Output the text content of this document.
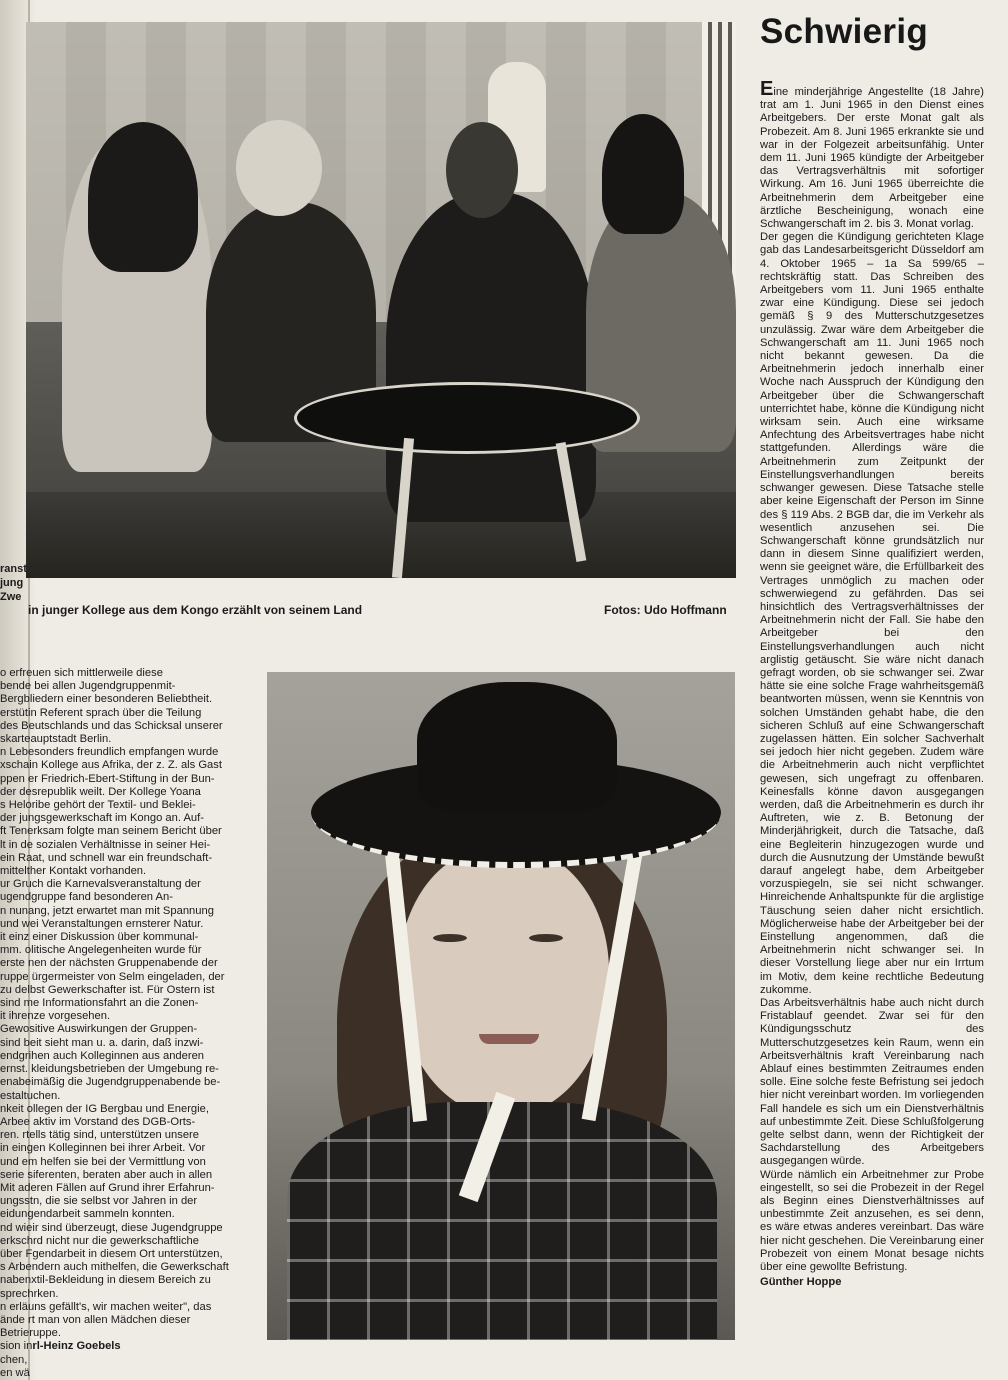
ranst
jung
Zwe
in junger Kollege aus dem Kongo erzählt von seinem Land	Fotos: Udo Hoffmann
Schwierig

Eine minderjährige Angestellte (18 Jahre) trat am 1. Juni 1965 in den Dienst eines Arbeitgebers. Der erste Monat galt als Probezeit. Am 8. Juni 1965 erkrankte sie und war in der Folgezeit arbeitsunfähig. Unter dem 11. Juni 1965 kündigte der Arbeitgeber das Vertragsverhältnis mit sofortiger Wirkung. Am 16. Juni 1965 überreichte die Arbeitnehmerin dem Arbeitgeber eine ärztliche Bescheinigung, wonach eine Schwangerschaft im 2. bis 3. Monat vorlag.

Der gegen die Kündigung gerichteten Klage gab das Landesarbeitsgericht Düsseldorf am 4. Oktober 1965 – 1a Sa 599/65 – rechtskräftig statt. Das Schreiben des Arbeitgebers vom 11. Juni 1965 enthalte zwar eine Kündigung. Diese sei jedoch gemäß § 9 des Mutterschutzgesetzes unzulässig. Zwar wäre dem Arbeitgeber die Schwangerschaft am 11. Juni 1965 noch nicht bekannt gewesen. Da die Arbeitnehmerin jedoch innerhalb einer Woche nach Ausspruch der Kündigung den Arbeitgeber über die Schwangerschaft unterrichtet habe, könne die Kündigung nicht wirksam sein. Auch eine wirksame Anfechtung des Arbeitsvertrages habe nicht stattgefunden. Allerdings wäre die Arbeitnehmerin zum Zeitpunkt der Einstellungsverhandlungen bereits schwanger gewesen. Diese Tatsache stelle aber keine Eigenschaft der Person im Sinne des § 119 Abs. 2 BGB dar, die im Verkehr als wesentlich anzusehen sei. Die Schwangerschaft könne grundsätzlich nur dann in diesem Sinne qualifiziert werden, wenn sie geeignet wäre, die Erfüllbarkeit des Vertrages unmöglich zu machen oder schwerwiegend zu gefährden. Das sei hinsichtlich des Vertragsverhältnisses der Arbeitnehmerin nicht der Fall. Sie habe den Arbeitgeber bei den Einstellungsverhandlungen auch nicht arglistig getäuscht. Sie wäre nicht danach gefragt worden, ob sie schwanger sei. Zwar hätte sie eine solche Frage wahrheitsgemäß beantworten müssen, wenn sie Kenntnis von solchen Umständen gehabt habe, die den sicheren Schluß auf eine Schwangerschaft zugelassen hätten. Ein solcher Sachverhalt sei jedoch hier nicht gegeben. Zudem wäre die Arbeitnehmerin auch nicht verpflichtet gewesen, sich ungefragt zu offenbaren. Keinesfalls könne davon ausgegangen werden, daß die Arbeitnehmerin es durch ihr Auftreten, wie z. B. Betonung der Minderjährigkeit, durch die Tatsache, daß eine Begleiterin hinzugezogen wurde und durch die Ausnutzung der Umstände bewußt darauf angelegt habe, dem Arbeitgeber vorzuspiegeln, sie sei nicht schwanger. Hinreichende Anhaltspunkte für die arglistige Täuschung seien daher nicht ersichtlich. Möglicherweise habe der Arbeitgeber bei der Einstellung angenommen, daß die Arbeitnehmerin nicht schwanger sei. In dieser Vorstellung liege aber nur ein Irrtum im Motiv, dem keine rechtliche Bedeutung zukomme.

Das Arbeitsverhältnis habe auch nicht durch Fristablauf geendet. Zwar sei für den Kündigungsschutz des Mutterschutzgesetzes kein Raum, wenn ein Arbeitsverhältnis kraft Vereinbarung nach Ablauf eines bestimmten Zeitraumes enden solle. Eine solche feste Befristung sei jedoch hier nicht vereinbart worden. Im vorliegenden Fall handele es sich um ein Dienstverhältnis auf unbestimmte Zeit. Diese Schlußfolgerung gelte selbst dann, wenn der Richtigkeit der Sachdarstellung des Arbeitgebers ausgegangen würde.

Würde nämlich ein Arbeitnehmer zur Probe eingestellt, so sei die Probezeit in der Regel als Beginn eines Dienstverhältnisses auf unbestimmte Zeit anzusehen, es sei denn, es wäre etwas anderes vereinbart. Das wäre hier nicht geschehen. Die Vereinbarung einer Probezeit von einem Monat besage nichts über eine gewollte Befristung.

Günther Hoppe

o erfreuen sich mittlerweile diese

bende bei allen Jugendgruppenmit-

Bergbliedern einer besonderen Beliebtheit.

erstütin Referent sprach über die Teilung

des Beutschlands und das Schicksal unserer

skarteauptstadt Berlin.

n Lebesonders freundlich empfangen wurde

xschain Kollege aus Afrika, der z. Z. als Gast

ppen er Friedrich-Ebert-Stiftung in der Bun-

der desrepublik weilt. Der Kollege Yoana

s Heloribe gehört der Textil- und Beklei-

der jungsgewerkschaft im Kongo an. Auf-

ft Tenerksam folgte man seinem Bericht über

lt in de sozialen Verhältnisse in seiner Hei-

ein Raat, und schnell war ein freundschaft-

mittelther Kontakt vorhanden.

ur Gruch die Karnevalsveranstaltung der

ugendgruppe fand besonderen An-

n nunang, jetzt erwartet man mit Spannung

und wei Veranstaltungen ernsterer Natur.

it einz einer Diskussion über kommunal-

mm. olitische Angelegenheiten wurde für

erste nen der nächsten Gruppenabende der

ruppe ürgermeister von Selm eingeladen, der

zu delbst Gewerkschafter ist. Für Ostern ist

sind me Informationsfahrt an die Zonen-

it ihrenze vorgesehen.

Gewositive Auswirkungen der Gruppen-

sind beit sieht man u. a. darin, daß inzwi-

endgrihen auch Kolleginnen aus anderen

ernst. kleidungsbetrieben der Umgebung re-

enabeimäßig die Jugendgruppenabende be-

estaltuchen.

nkeit ollegen der IG Bergbau und Energie,

Arbee aktiv im Vorstand des DGB-Orts-

ren. rtells tätig sind, unterstützen unsere

in eingen Kolleginnen bei ihrer Arbeit. Vor

und em helfen sie bei der Vermittlung von

serie siferenten, beraten aber auch in allen

Mit aderen Fällen auf Grund ihrer Erfahrun-

ungsstn, die sie selbst vor Jahren in der

eidungendarbeit sammeln konnten.

nd wieir sind überzeugt, diese Jugendgruppe

erkschrd nicht nur die gewerkschaftliche

über Fgendarbeit in diesem Ort unterstützen,

s Arbendern auch mithelfen, die Gewerkschaft

nabenxtil-Bekleidung in diesem Bereich zu

sprechrken.

n erläuns gefällt's, wir machen weiter", das

ände rt man von allen Mädchen dieser

Betrieruppe.

sion inrl-Heinz Goebels

chen,

en wä
